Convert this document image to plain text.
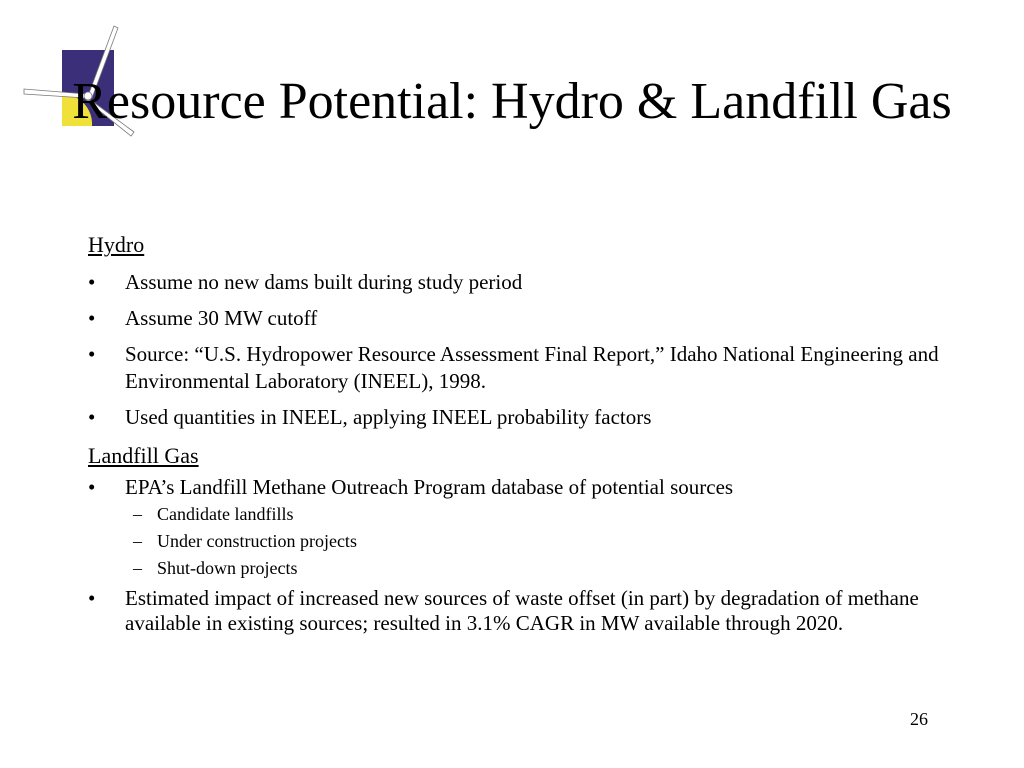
Resource Potential: Hydro & Landfill Gas
Hydro
• Assume no new dams built during study period
• Assume 30 MW cutoff
• Source: “U.S. Hydropower Resource Assessment Final Report,” Idaho National Engineering and Environmental Laboratory (INEEL), 1998.
• Used quantities in INEEL, applying INEEL probability factors
Landfill Gas
• EPA’s Landfill Methane Outreach Program database of potential sources
– Candidate landfills
– Under construction projects
– Shut-down projects
• Estimated impact of increased new sources of waste offset (in part) by degradation of methane available in existing sources; resulted in 3.1% CAGR in MW available through 2020.
26
